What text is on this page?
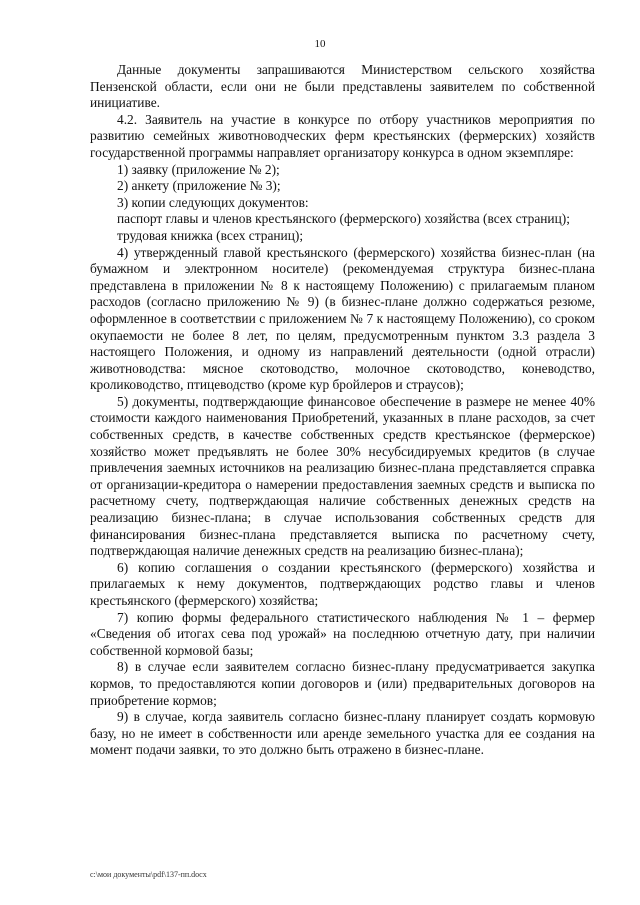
10

Данные документы запрашиваются Министерством сельского хозяйства Пензенской области, если они не были представлены заявителем по собственной инициативе.

4.2. Заявитель на участие в конкурсе по отбору участников мероприятия по развитию семейных животноводческих ферм крестьянских (фермерских) хозяйств государственной программы направляет организатору конкурса в одном экземпляре:

1) заявку (приложение № 2);

2) анкету (приложение № 3);

3) копии следующих документов:

паспорт главы и членов крестьянского (фермерского) хозяйства (всех страниц);

трудовая книжка (всех страниц);

4) утвержденный главой крестьянского (фермерского) хозяйства бизнес-план (на бумажном и электронном носителе) (рекомендуемая структура бизнес-плана представлена в приложении № 8 к настоящему Положению) с прилагаемым планом расходов (согласно приложению № 9) (в бизнес-плане должно содержаться резюме, оформленное в соответствии с приложением № 7 к настоящему Положению), со сроком окупаемости не более 8 лет, по целям, предусмотренным пунктом 3.3 раздела 3 настоящего Положения, и одному из направлений деятельности (одной отрасли) животноводства: мясное скотоводство, молочное скотоводство, коневодство, кролиководство, птицеводство (кроме кур бройлеров и страусов);

5) документы, подтверждающие финансовое обеспечение в размере не менее 40% стоимости каждого наименования Приобретений, указанных в плане расходов, за счет собственных средств, в качестве собственных средств крестьянское (фермерское) хозяйство может предъявлять не более 30% несубсидируемых кредитов (в случае привлечения заемных источников на реализацию бизнес-плана представляется справка от организации-кредитора о намерении предоставления заемных средств и выписка по расчетному счету, подтверждающая наличие собственных денежных средств на реализацию бизнес-плана; в случае использования собственных средств для финансирования бизнес-плана представляется выписка по расчетному счету, подтверждающая наличие денежных средств на реализацию бизнес-плана);

6) копию соглашения о создании крестьянского (фермерского) хозяйства и прилагаемых к нему документов, подтверждающих родство главы и членов крестьянского (фермерского) хозяйства;

7) копию формы федерального статистического наблюдения № 1 – фермер «Сведения об итогах сева под урожай» на последнюю отчетную дату, при наличии собственной кормовой базы;

8) в случае если заявителем согласно бизнес-плану предусматривается закупка кормов, то предоставляются копии договоров и (или) предварительных договоров на приобретение кормов;

9) в случае, когда заявитель согласно бизнес-плану планирует создать кормовую базу, но не имеет в собственности или аренде земельного участка для ее создания на момент подачи заявки, то это должно быть отражено в бизнес-плане.

c:\мои документы\pdf\137-пп.docx
